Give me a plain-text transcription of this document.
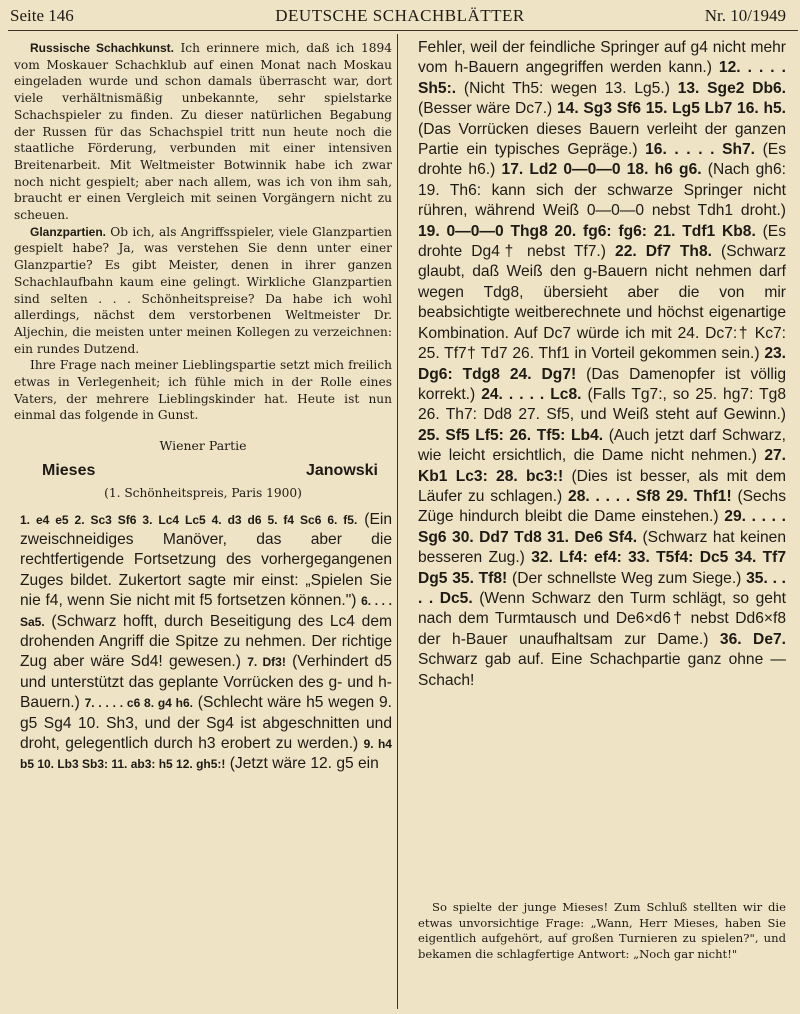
Seite 146	DEUTSCHE SCHACHBLÄTTER	Nr. 10/1949

Russische Schachkunst. Ich erinnere mich, daß ich 1894 vom Moskauer Schachklub auf einen Monat nach Moskau eingeladen wurde und schon damals überrascht war, dort viele verhältnismäßig unbekannte, sehr spielstarke Schachspieler zu finden. Zu dieser natürlichen Begabung der Russen für das Schachspiel tritt nun heute noch die staatliche Förderung, verbunden mit einer intensiven Breitenarbeit. Mit Weltmeister Botwinnik habe ich zwar noch nicht gespielt; aber nach allem, was ich von ihm sah, braucht er einen Vergleich mit seinen Vorgängern nicht zu scheuen.

Glanzpartien. Ob ich, als Angriffsspieler, viele Glanzpartien gespielt habe? Ja, was verstehen Sie denn unter einer Glanzpartie? Es gibt Meister, denen in ihrer ganzen Schachlaufbahn kaum eine gelingt. Wirkliche Glanzpartien sind selten . . . Schönheitspreise? Da habe ich wohl allerdings, nächst dem verstorbenen Weltmeister Dr. Aljechin, die meisten unter meinen Kollegen zu verzeichnen: ein rundes Dutzend.

Ihre Frage nach meiner Lieblingspartie setzt mich freilich etwas in Verlegenheit; ich fühle mich in der Rolle eines Vaters, der mehrere Lieblingskinder hat. Heute ist nun einmal das folgende in Gunst.

Wiener Partie
Mieses	Janowski
(1. Schönheitspreis, Paris 1900)
1. e4 e5 2. Sc3 Sf6 3. Lc4 Lc5 4. d3 d6 5. f4 Sc6 6. f5. (Ein zweischneidiges Manöver, das aber die rechtfertigende Fortsetzung des vorhergegangenen Zuges bildet. Zukertort sagte mir einst: „Spielen Sie nie f4, wenn Sie nicht mit f5 fortsetzen können.") 6. . . . Sa5. (Schwarz hofft, durch Beseitigung des Lc4 dem drohenden Angriff die Spitze zu nehmen. Der richtige Zug aber wäre Sd4! gewesen.) 7. Df3! (Verhindert d5 und unterstützt das geplante Vorrücken des g- und h-Bauern.) 7. . . . . c6 8. g4 h6. (Schlecht wäre h5 wegen 9. g5 Sg4 10. Sh3, und der Sg4 ist abgeschnitten und droht, gelegentlich durch h3 erobert zu werden.) 9. h4 b5 10. Lb3 Sb3: 11. ab3: h5 12. gh5:! (Jetzt wäre 12. g5 ein
Fehler, weil der feindliche Springer auf g4 nicht mehr vom h-Bauern angegriffen werden kann.) 12. . . . . Sh5:. (Nicht Th5: wegen 13. Lg5.) 13. Sge2 Db6. (Besser wäre Dc7.) 14. Sg3 Sf6 15. Lg5 Lb7 16. h5. (Das Vorrücken dieses Bauern verleiht der ganzen Partie ein typisches Gepräge.) 16. . . . . Sh7. (Es drohte h6.) 17. Ld2 0—0—0 18. h6 g6. (Nach gh6: 19. Th6: kann sich der schwarze Springer nicht rühren, während Weiß 0—0—0 nebst Tdh1 droht.) 19. 0—0—0 Thg8 20. fg6: fg6: 21. Tdf1 Kb8. (Es drohte Dg4† nebst Tf7.) 22. Df7 Th8. (Schwarz glaubt, daß Weiß den g-Bauern nicht nehmen darf wegen Tdg8, übersieht aber die von mir beabsichtigte weitberechnete und höchst eigenartige Kombination. Auf Dc7 würde ich mit 24. Dc7:† Kc7: 25. Tf7† Td7 26. Thf1 in Vorteil gekommen sein.) 23. Dg6: Tdg8 24. Dg7! (Das Damenopfer ist völlig korrekt.) 24. . . . . Lc8. (Falls Tg7:, so 25. hg7: Tg8 26. Th7: Dd8 27. Sf5, und Weiß steht auf Gewinn.) 25. Sf5 Lf5: 26. Tf5: Lb4. (Auch jetzt darf Schwarz, wie leicht ersichtlich, die Dame nicht nehmen.) 27. Kb1 Lc3: 28. bc3:! (Dies ist besser, als mit dem Läufer zu schlagen.) 28. . . . . Sf8 29. Thf1! (Sechs Züge hindurch bleibt die Dame einstehen.) 29. . . . . Sg6 30. Dd7 Td8 31. De6 Sf4. (Schwarz hat keinen besseren Zug.) 32. Lf4: ef4: 33. T5f4: Dc5 34. Tf7 Dg5 35. Tf8! (Der schnellste Weg zum Siege.) 35. . . . . Dc5. (Wenn Schwarz den Turm schlägt, so geht nach dem Turmtausch und De6×d6† nebst Dd6×f8 der h-Bauer unaufhaltsam zur Dame.) 36. De7. Schwarz gab auf. Eine Schachpartie ganz ohne — Schach!
So spielte der junge Mieses! Zum Schluß stellten wir die etwas unvorsichtige Frage: „Wann, Herr Mieses, haben Sie eigentlich aufgehört, auf großen Turnieren zu spielen?", und bekamen die schlagfertige Antwort: „Noch gar nicht!"
